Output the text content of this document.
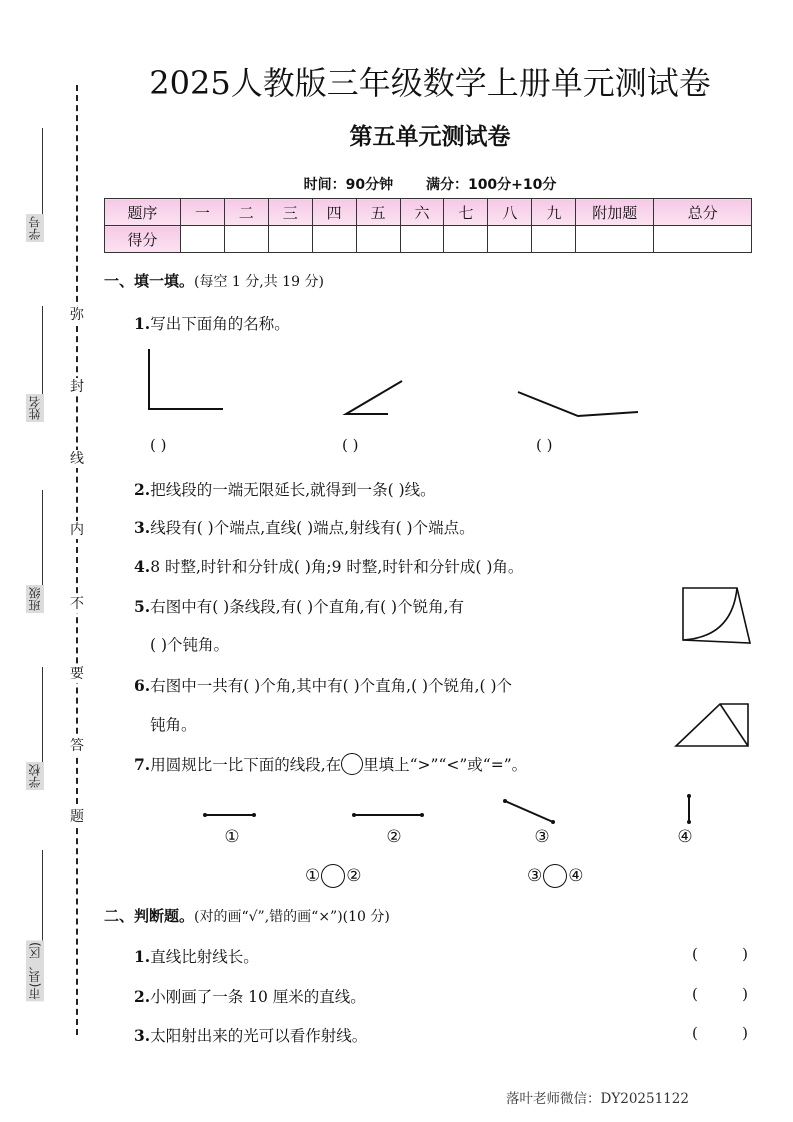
学号
姓名
班级
学校
市(县、区)
弥
封
线
内
不
要
答
题
2025人教版三年级数学上册单元测试卷
第五单元测试卷
时间：90分钟 满分：100分+10分
题序	一	二	三	四	五	六	七	八	九	附加题	总分
得分											
一、填一填。(每空 1 分,共 19 分)
1.写出下面角的名称。
( )	( )	( )
2.把线段的一端无限延长,就得到一条( )线。
3.线段有( )个端点,直线( )端点,射线有( )个端点。
4.8 时整,时针和分针成( )角;9 时整,时针和分针成( )角。
5.右图中有( )条线段,有( )个直角,有( )个锐角,有
( )个钝角。
6.右图中一共有( )个角,其中有( )个直角,( )个锐角,( )个
钝角。
7.用圆规比一比下面的线段,在 里填上“>”“<”或“=”。
①	②	③	④
① ②	③ ④
二、判断题。(对的画“√”,错的画“×”)(10 分)
1.直线比射线长。	(	)
2.小刚画了一条 10 厘米的直线。	(	)
3.太阳射出来的光可以看作射线。	(	)
落叶老师微信：DY20251122
